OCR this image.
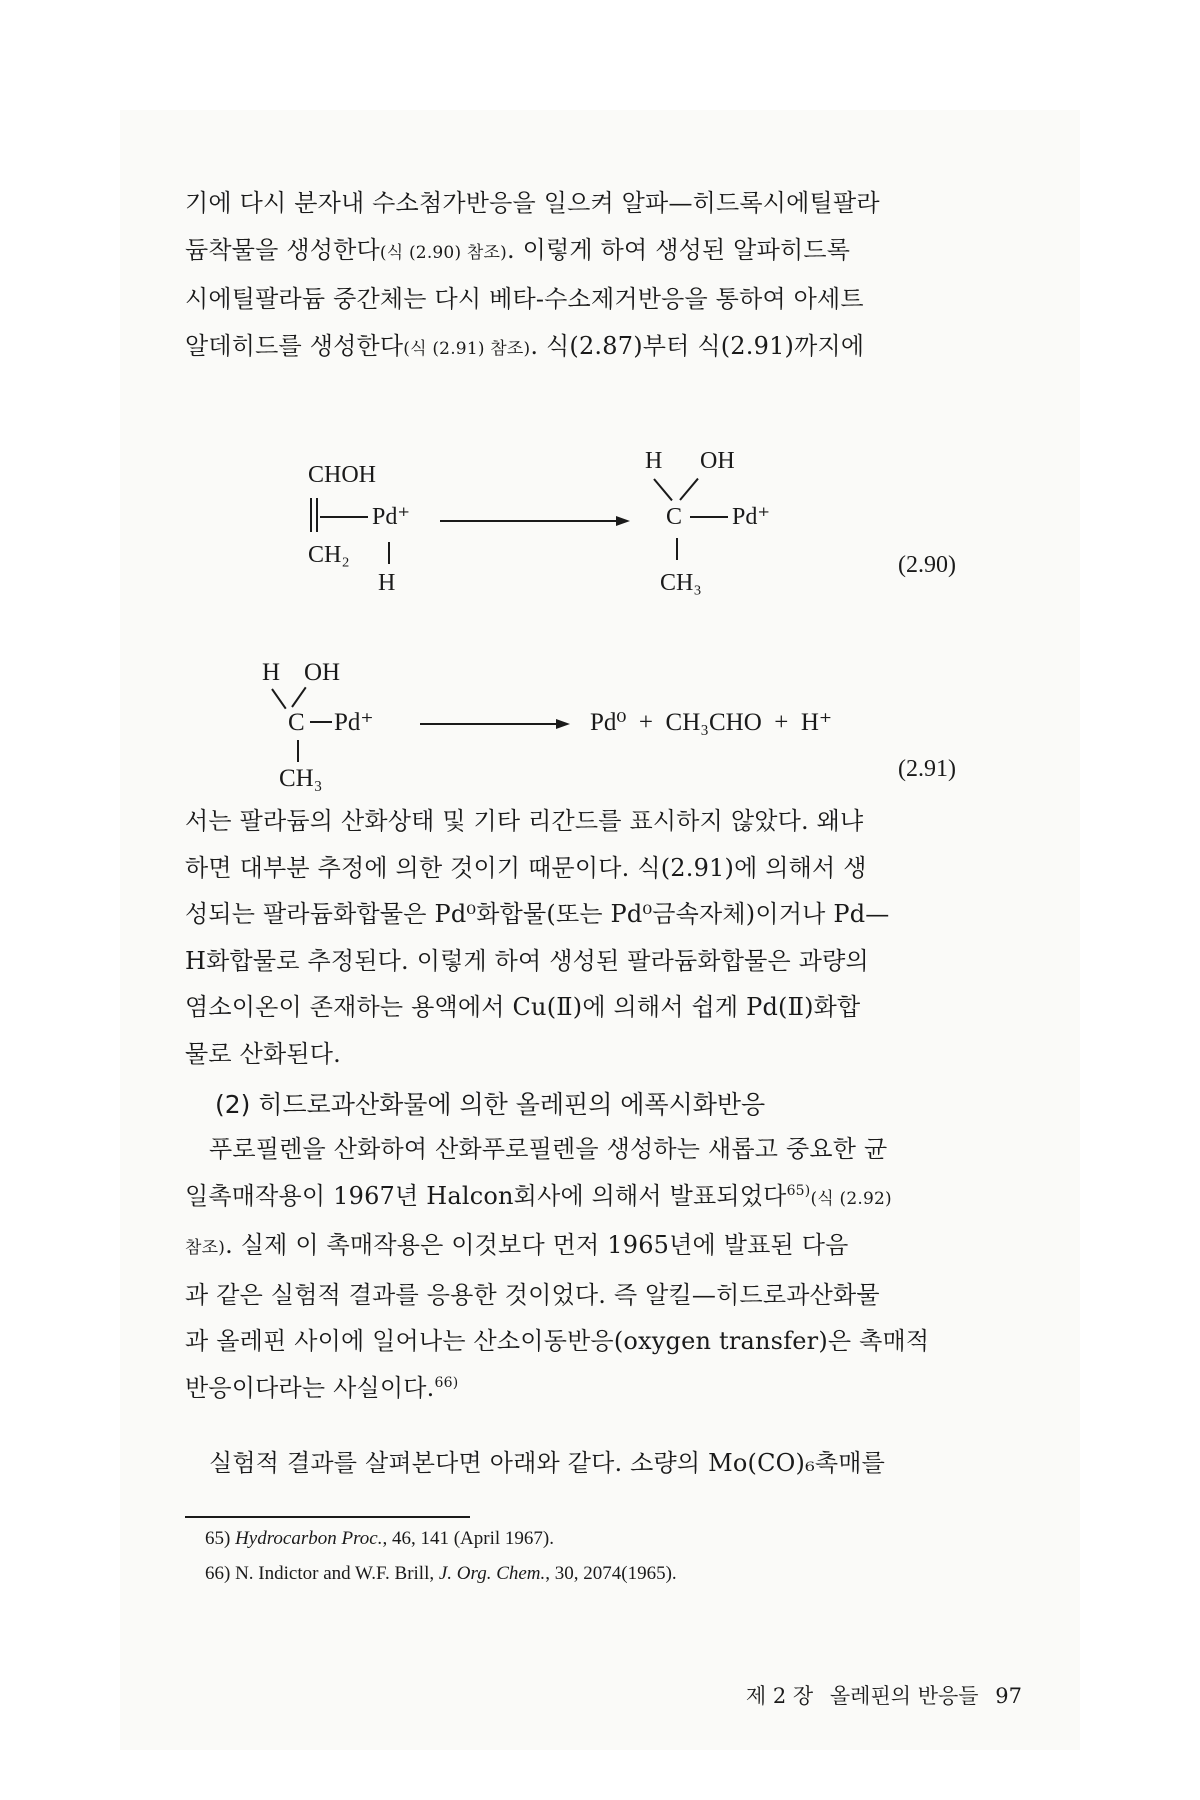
기에 다시 분자내 수소첨가반응을 일으켜 알파—히드록시에틸팔라
듐착물을 생성한다(식 (2.90) 참조). 이렇게 하여 생성된 알파히드록
시에틸팔라듐 중간체는 다시 베타-수소제거반응을 통하여 아세트
알데히드를 생성한다(식 (2.91) 참조). 식(2.87)부터 식(2.91)까지에
CHOH
Pd⁺
CH₂
H
H OH
C Pd⁺
CH₃
(2.90)
H OH
C Pd⁺
CH₃
Pd⁰  +  CH₃CHO  +  H⁺
(2.91)
서는 팔라듐의 산화상태 및 기타 리간드를 표시하지 않았다. 왜냐
하면 대부분 추정에 의한 것이기 때문이다. 식(2.91)에 의해서 생
성되는 팔라듐화합물은 Pd⁰화합물(또는 Pd⁰금속자체)이거나 Pd—
H화합물로 추정된다. 이렇게 하여 생성된 팔라듐화합물은 과량의
염소이온이 존재하는 용액에서 Cu(Ⅱ)에 의해서 쉽게 Pd(Ⅱ)화합
물로 산화된다.
(2) 히드로과산화물에 의한 올레핀의 에폭시화반응
푸로필렌을 산화하여 산화푸로필렌을 생성하는 새롭고 중요한 균
일촉매작용이 1967년 Halcon회사에 의해서 발표되었다$^{65)}$(식 (2.92)
참조). 실제 이 촉매작용은 이것보다 먼저 1965년에 발표된 다음
과 같은 실험적 결과를 응용한 것이었다. 즉 알킬—히드로과산화물
과 올레핀 사이에 일어나는 산소이동반응(oxygen transfer)은 촉매적
반응이다라는 사실이다.$^{66)}$
실험적 결과를 살펴본다면 아래와 같다. 소량의 Mo(CO)₆촉매를

65) Hydrocarbon Proc., 46, 141 (April 1967).

66) N. Indictor and W.F. Brill, J. Org. Chem., 30, 2074(1965).

제 2 장 올레핀의 반응들 97
